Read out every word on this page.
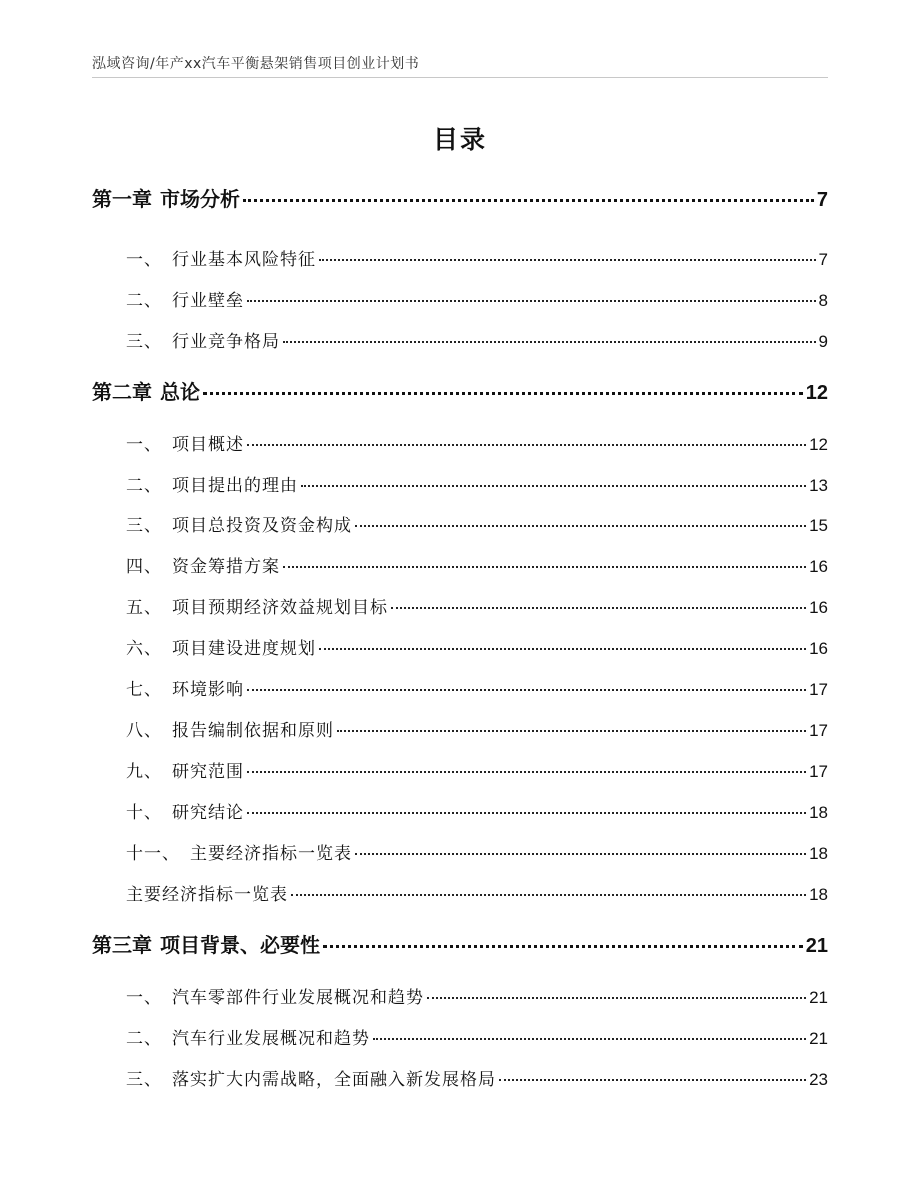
泓域咨询/年产xx汽车平衡悬架销售项目创业计划书
目录
第一章 市场分析	7
一、 行业基本风险特征	7
二、 行业壁垒	8
三、 行业竞争格局	9
第二章 总论	12
一、 项目概述	12
二、 项目提出的理由	13
三、 项目总投资及资金构成	15
四、 资金筹措方案	16
五、 项目预期经济效益规划目标	16
六、 项目建设进度规划	16
七、 环境影响	17
八、 报告编制依据和原则	17
九、 研究范围	17
十、 研究结论	18
十一、 主要经济指标一览表	18
主要经济指标一览表	18
第三章 项目背景、必要性	21
一、 汽车零部件行业发展概况和趋势	21
二、 汽车行业发展概况和趋势	21
三、 落实扩大内需战略，全面融入新发展格局	23
